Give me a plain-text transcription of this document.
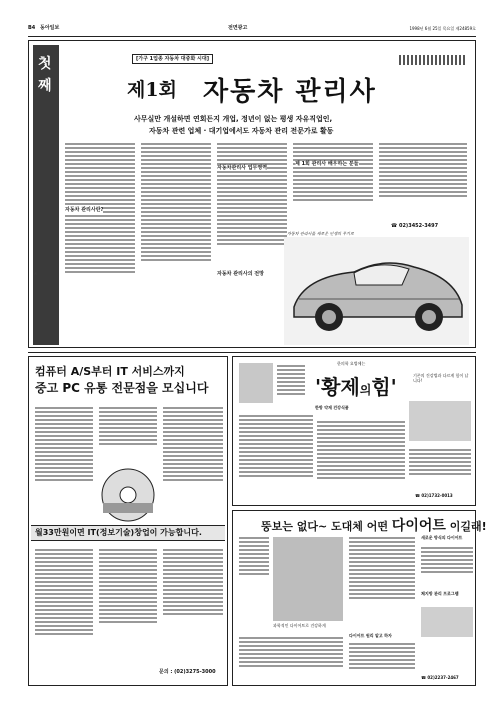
B4 동아일보	전면광고	1998년 6월 25일 목요일 제24859호
첫째
✍
[가구 1업종 자동차 대중화 시대]
제1회 자동차 관리사
사무실만 개설하면 연회든지 개업, 정년이 없는 평생 자유직업인,
자동차 관련 업체 · 대기업에서도 자동차 관리 전문가로 활동
자동차 관리사란?
자동차관리사 업무영역
자동차 관리사의 전망
제 1회 관리사 배우하는 분들
☎ 02)3452-3497
자동차 관리사를 새로운 인생의 무기로
컴퓨터 A/S부터 IT 서비스까지
중고 PC 유통 전문점을 모십니다
월33만원이면 IT(정보기술)창업이 가능합니다.
문의 : (02)3275-3000
한의학 요법에는
'황제의힘'	기존의 건강법과 다르게 힘이 납니다!
한방 약재 건강식품
☎ 02)1732-0013
뚱보는 없다~ 도대체 어떤 다이어트 이길래!
과학적인 다이어트로 건강하게
새로운 방식의 다이어트
체지방 관리 프로그램
다이어트 원리 알고 하자
☎ 02)2237-2467
